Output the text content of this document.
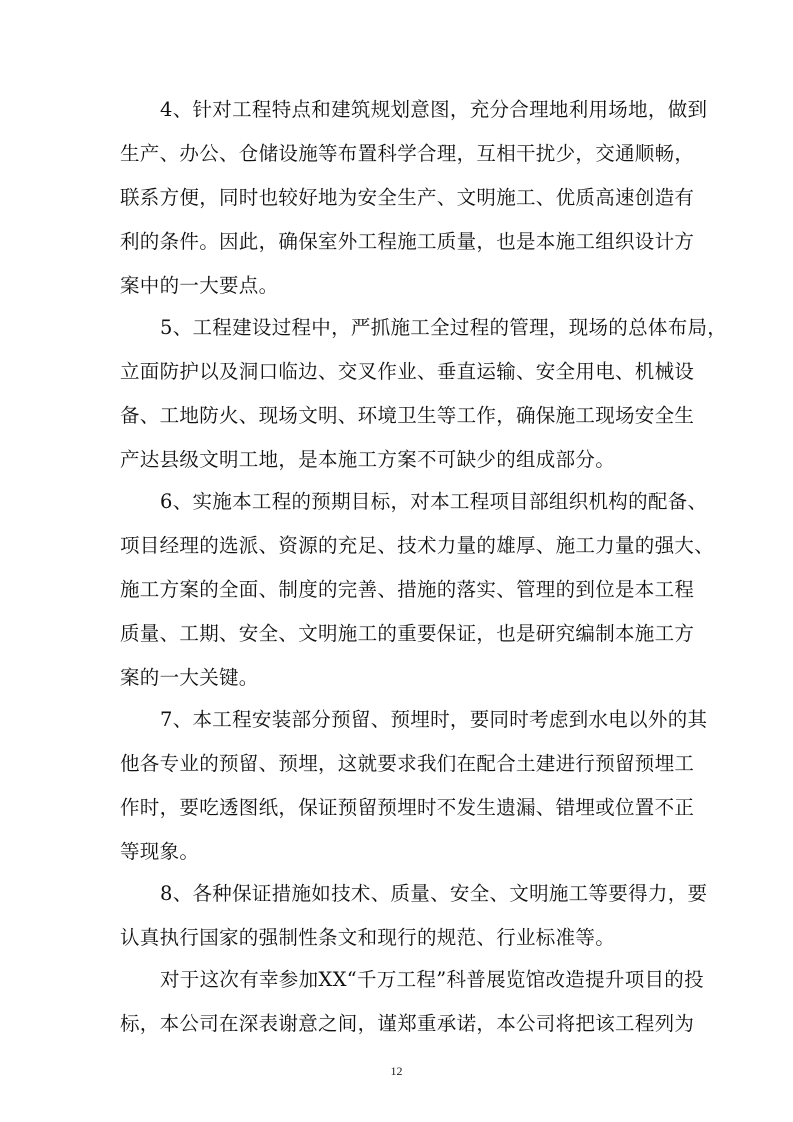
4、针对工程特点和建筑规划意图，充分合理地利用场地，做到
生产、办公、仓储设施等布置科学合理，互相干扰少，交通顺畅，
联系方便，同时也较好地为安全生产、文明施工、优质高速创造有
利的条件。因此，确保室外工程施工质量，也是本施工组织设计方
案中的一大要点。
5、工程建设过程中，严抓施工全过程的管理，现场的总体布局，
立面防护以及洞口临边、交叉作业、垂直运输、安全用电、机械设
备、工地防火、现场文明、环境卫生等工作，确保施工现场安全生
产达县级文明工地，是本施工方案不可缺少的组成部分。
6、实施本工程的预期目标，对本工程项目部组织机构的配备、
项目经理的选派、资源的充足、技术力量的雄厚、施工力量的强大、
施工方案的全面、制度的完善、措施的落实、管理的到位是本工程
质量、工期、安全、文明施工的重要保证，也是研究编制本施工方
案的一大关键。
7、本工程安装部分预留、预埋时，要同时考虑到水电以外的其
他各专业的预留、预埋，这就要求我们在配合土建进行预留预埋工
作时，要吃透图纸，保证预留预埋时不发生遗漏、错埋或位置不正
等现象。
8、各种保证措施如技术、质量、安全、文明施工等要得力，要
认真执行国家的强制性条文和现行的规范、行业标准等。
对于这次有幸参加XX“千万工程”科普展览馆改造提升项目的投
标，本公司在深表谢意之间，谨郑重承诺，本公司将把该工程列为
12
